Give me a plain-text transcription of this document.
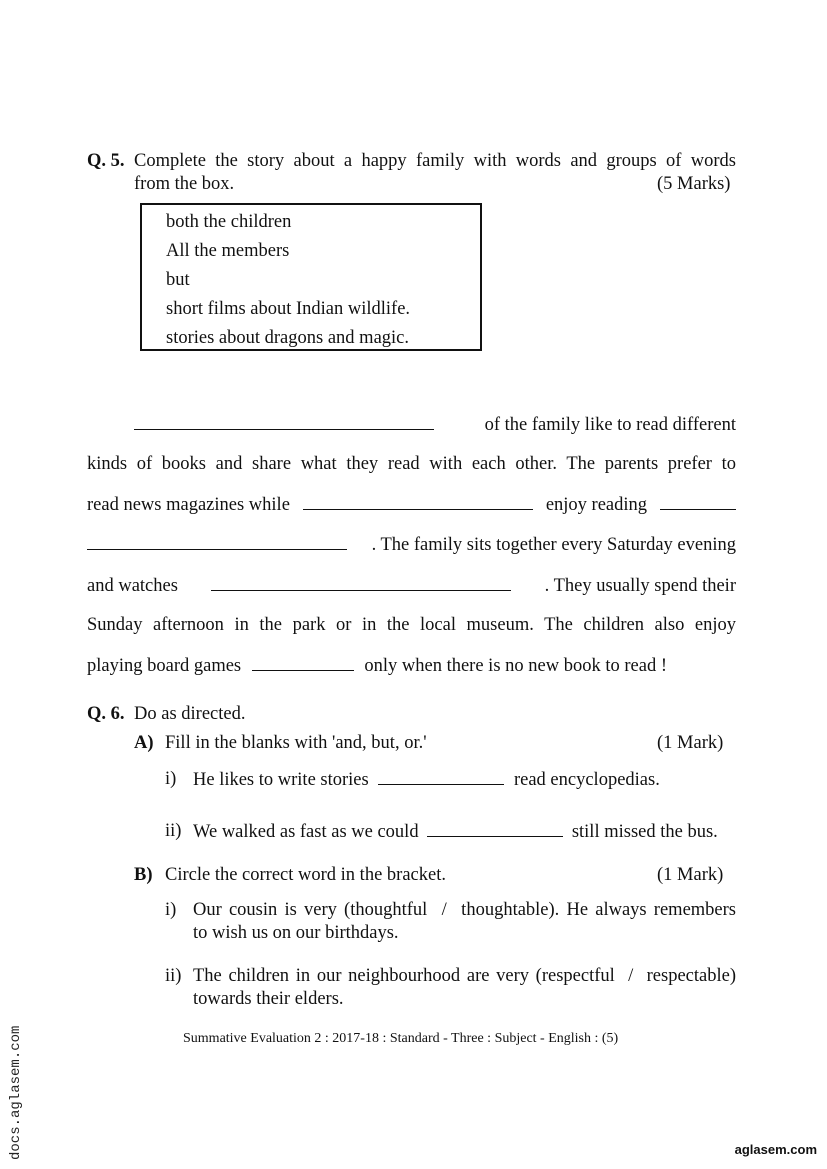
Q. 5. Complete the story about a happy family with words and groups of words
from the box.	(5 Marks)
both the children
All the members
but
short films about Indian wildlife.
stories about dragons and magic.
of the family like to read different
kinds of books and share what they read with each other. The parents prefer to
read news magazines while	enjoy reading
. The family sits together every Saturday evening
and watches	. They usually spend their
Sunday afternoon in the park or in the local museum. The children also enjoy
playing board games	only when there is no new book to read !
Q. 6. Do as directed.
A) Fill in the blanks with 'and, but, or.'	(1 Mark)
i) He likes to write stories	read encyclopedias.
ii) We walked as fast as we could	still missed the bus.
B) Circle the correct word in the bracket.	(1 Mark)
i) Our cousin is very (thoughtful  /  thoughtable). He always remembers
to wish us on our birthdays.
ii) The children in our neighbourhood are very (respectful  /  respectable)
towards their elders.
Summative Evaluation 2 : 2017-18 : Standard - Three : Subject - English : (5)
docs.aglasem.com	aglasem.com
